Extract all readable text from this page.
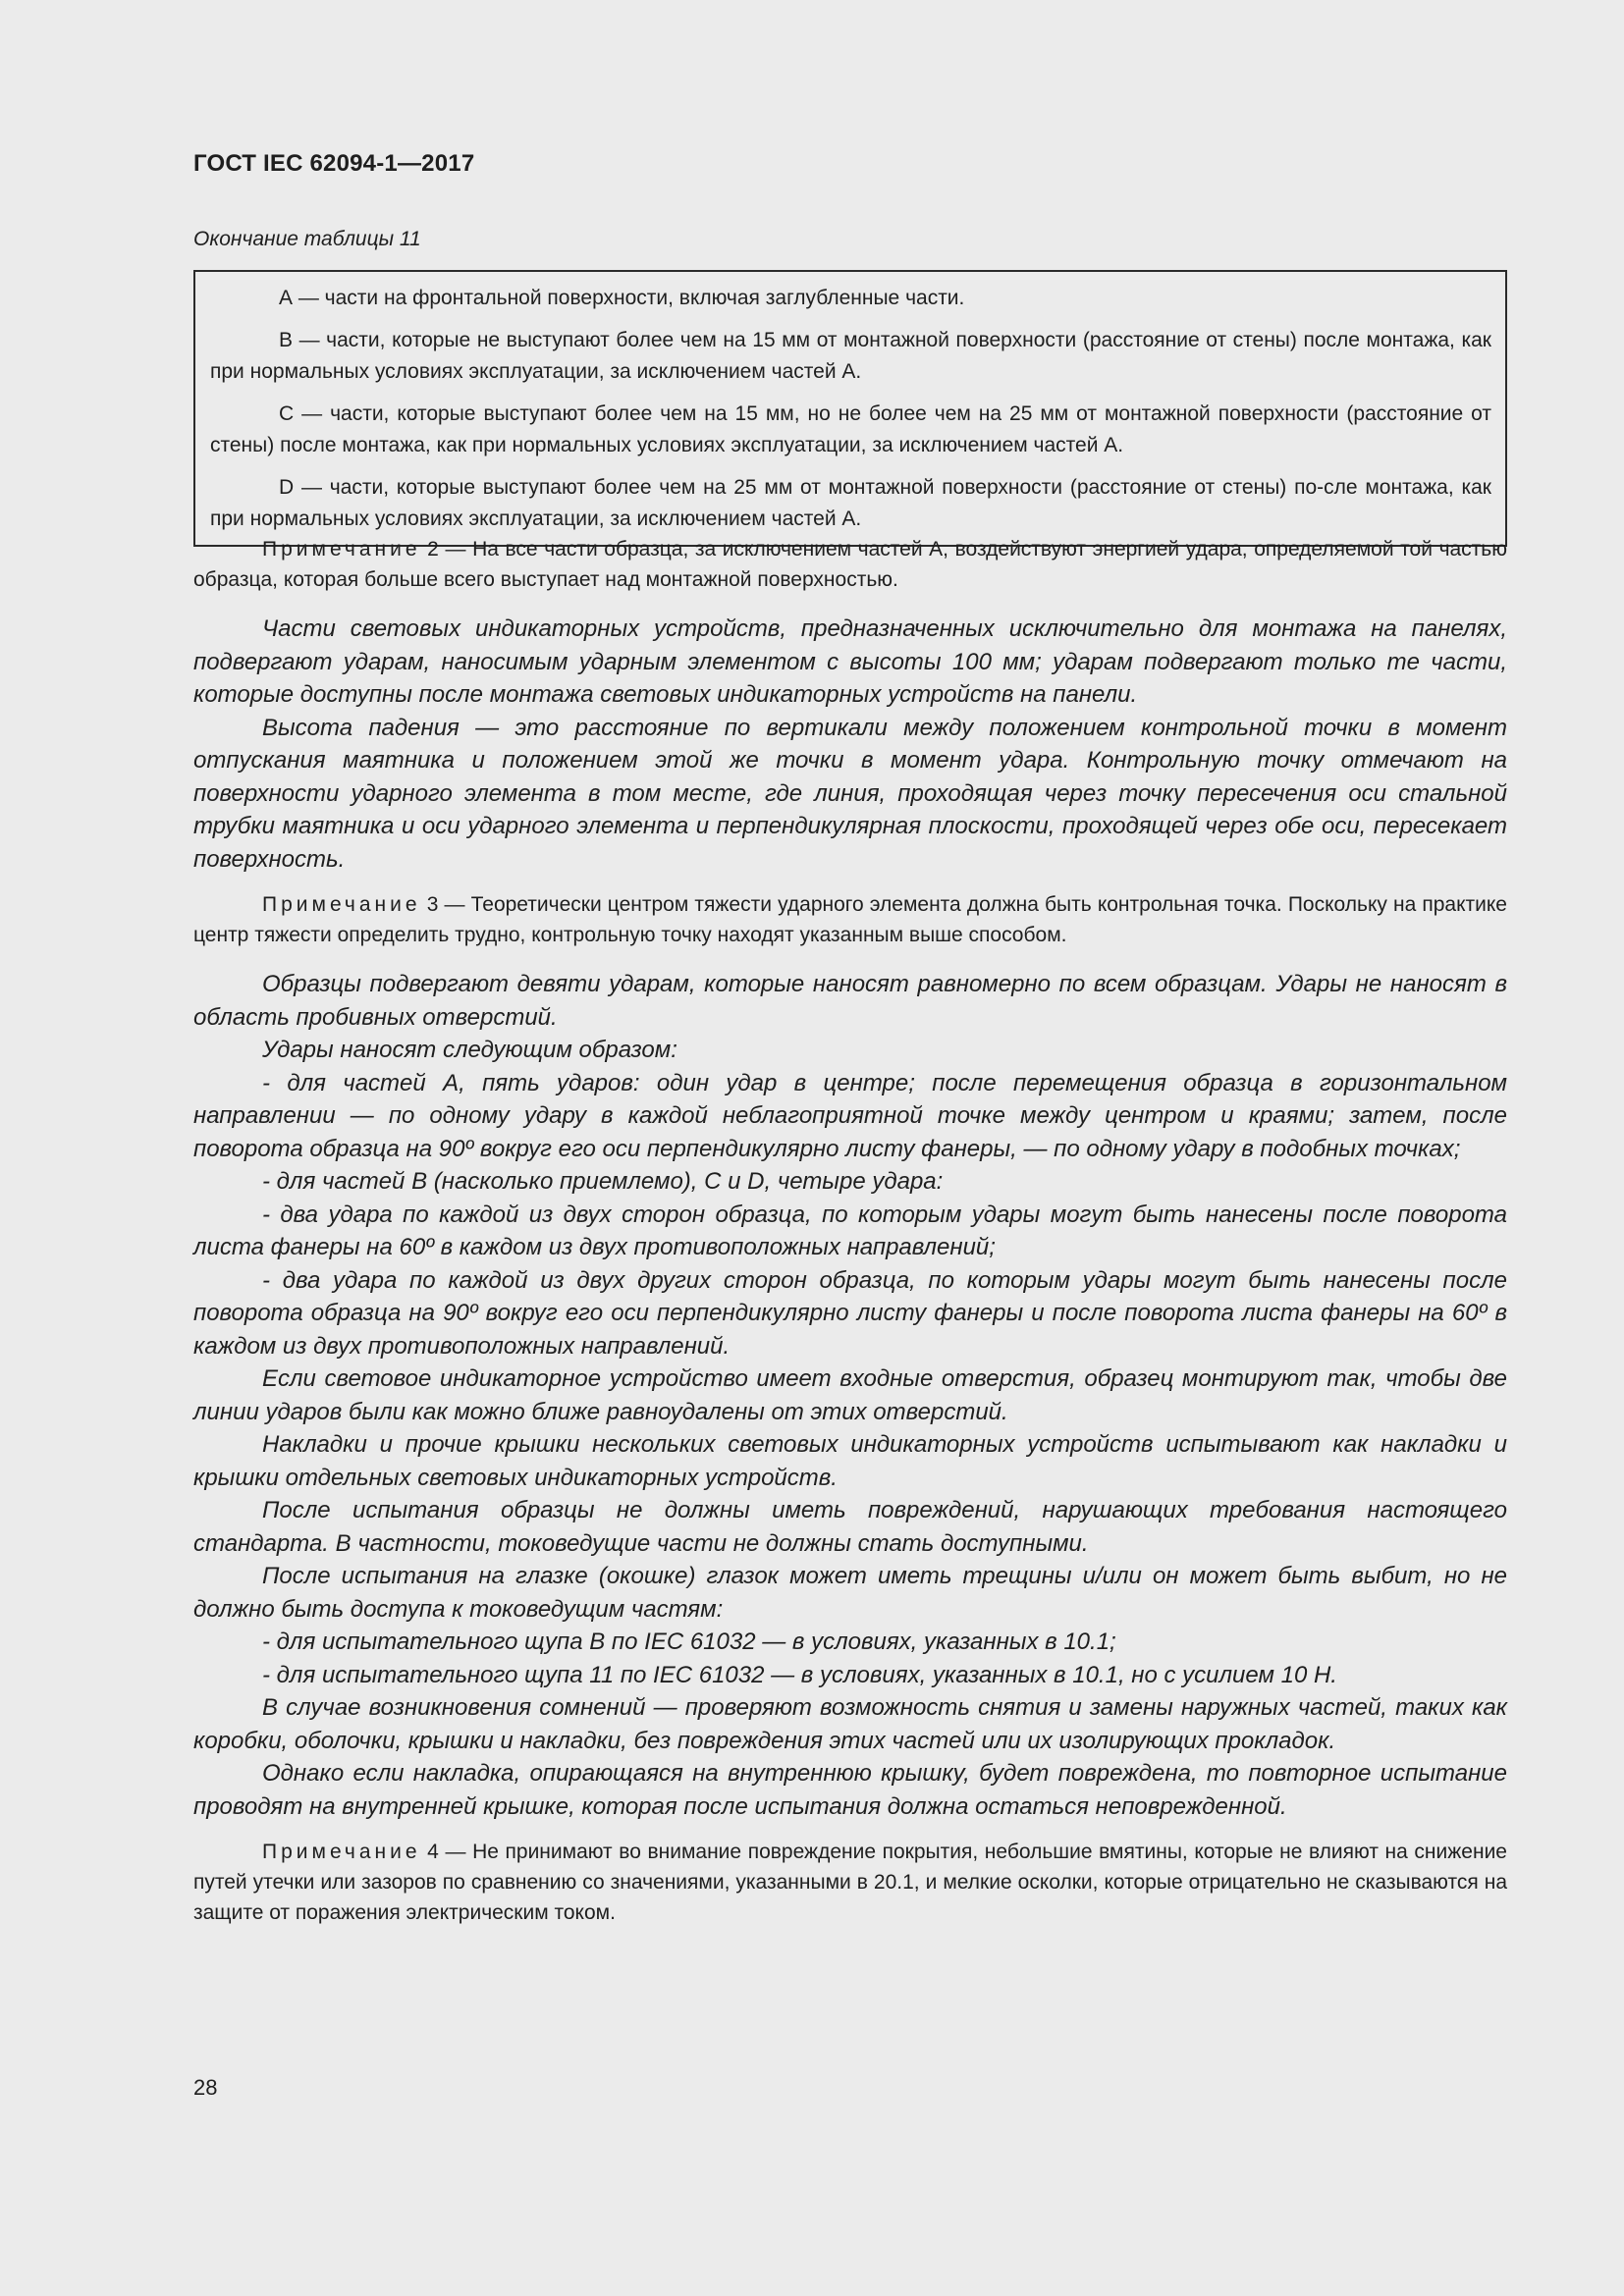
ГОСТ IEC 62094-1—2017
Окончание таблицы 11

А — части на фронтальной поверхности, включая заглубленные части.

В — части, которые не выступают более чем на 15 мм от монтажной поверхности (расстояние от стены) после монтажа, как при нормальных условиях эксплуатации, за исключением частей А.

С — части, которые выступают более чем на 15 мм, но не более чем на 25 мм от монтажной поверхности (расстояние от стены) после монтажа, как при нормальных условиях эксплуатации, за исключением частей А.

D — части, которые выступают более чем на 25 мм от монтажной поверхности (расстояние от стены) по-сле монтажа, как при нормальных условиях эксплуатации, за исключением частей А.

Примечание 2 — На все части образца, за исключением частей А, воздействуют энергией удара, определяемой той частью образца, которая больше всего выступает над монтажной поверхностью.

Части световых индикаторных устройств, предназначенных исключительно для монтажа на панелях, подвергают ударам, наносимым ударным элементом с высоты 100 мм; ударам подвергают только те части, которые доступны после монтажа световых индикаторных устройств на панели.

Высота падения — это расстояние по вертикали между положением контрольной точки в момент отпускания маятника и положением этой же точки в момент удара. Контрольную точку отмечают на поверхности ударного элемента в том месте, где линия, проходящая через точку пересечения оси стальной трубки маятника и оси ударного элемента и перпендикулярная плоскости, проходящей через обе оси, пересекает поверхность.

Примечание 3 — Теоретически центром тяжести ударного элемента должна быть контрольная точка. Поскольку на практике центр тяжести определить трудно, контрольную точку находят указанным выше способом.

Образцы подвергают девяти ударам, которые наносят равномерно по всем образцам. Удары не наносят в область пробивных отверстий.

Удары наносят следующим образом:

- для частей А, пять ударов: один удар в центре; после перемещения образца в горизонтальном направлении — по одному удару в каждой неблагоприятной точке между центром и краями; затем, после поворота образца на 90º вокруг его оси перпендикулярно листу фанеры, — по одному удару в подобных точках;

- для частей В (насколько приемлемо), С и D, четыре удара:

- два удара по каждой из двух сторон образца, по которым удары могут быть нанесены после поворота листа фанеры на 60º в каждом из двух противоположных направлений;

- два удара по каждой из двух других сторон образца, по которым удары могут быть нанесены после поворота образца на 90º вокруг его оси перпендикулярно листу фанеры и после поворота листа фанеры на 60º в каждом из двух противоположных направлений.

Если световое индикаторное устройство имеет входные отверстия, образец монтируют так, чтобы две линии ударов были как можно ближе равноудалены от этих отверстий.

Накладки и прочие крышки нескольких световых индикаторных устройств испытывают как накладки и крышки отдельных световых индикаторных устройств.

После испытания образцы не должны иметь повреждений, нарушающих требования настоящего стандарта. В частности, токоведущие части не должны стать доступными.

После испытания на глазке (окошке) глазок может иметь трещины и/или он может быть выбит, но не должно быть доступа к токоведущим частям:

- для испытательного щупа В по IEC 61032 — в условиях, указанных в 10.1;

- для испытательного щупа 11 по IEC 61032 — в условиях, указанных в 10.1, но с усилием 10 Н.

В случае возникновения сомнений — проверяют возможность снятия и замены наружных частей, таких как коробки, оболочки, крышки и накладки, без повреждения этих частей или их изолирующих прокладок.

Однако если накладка, опирающаяся на внутреннюю крышку, будет повреждена, то повторное испытание проводят на внутренней крышке, которая после испытания должна остаться неповрежденной.

Примечание 4 — Не принимают во внимание повреждение покрытия, небольшие вмятины, которые не влияют на снижение путей утечки или зазоров по сравнению со значениями, указанными в 20.1, и мелкие осколки, которые отрицательно не сказываются на защите от поражения электрическим током.

28
